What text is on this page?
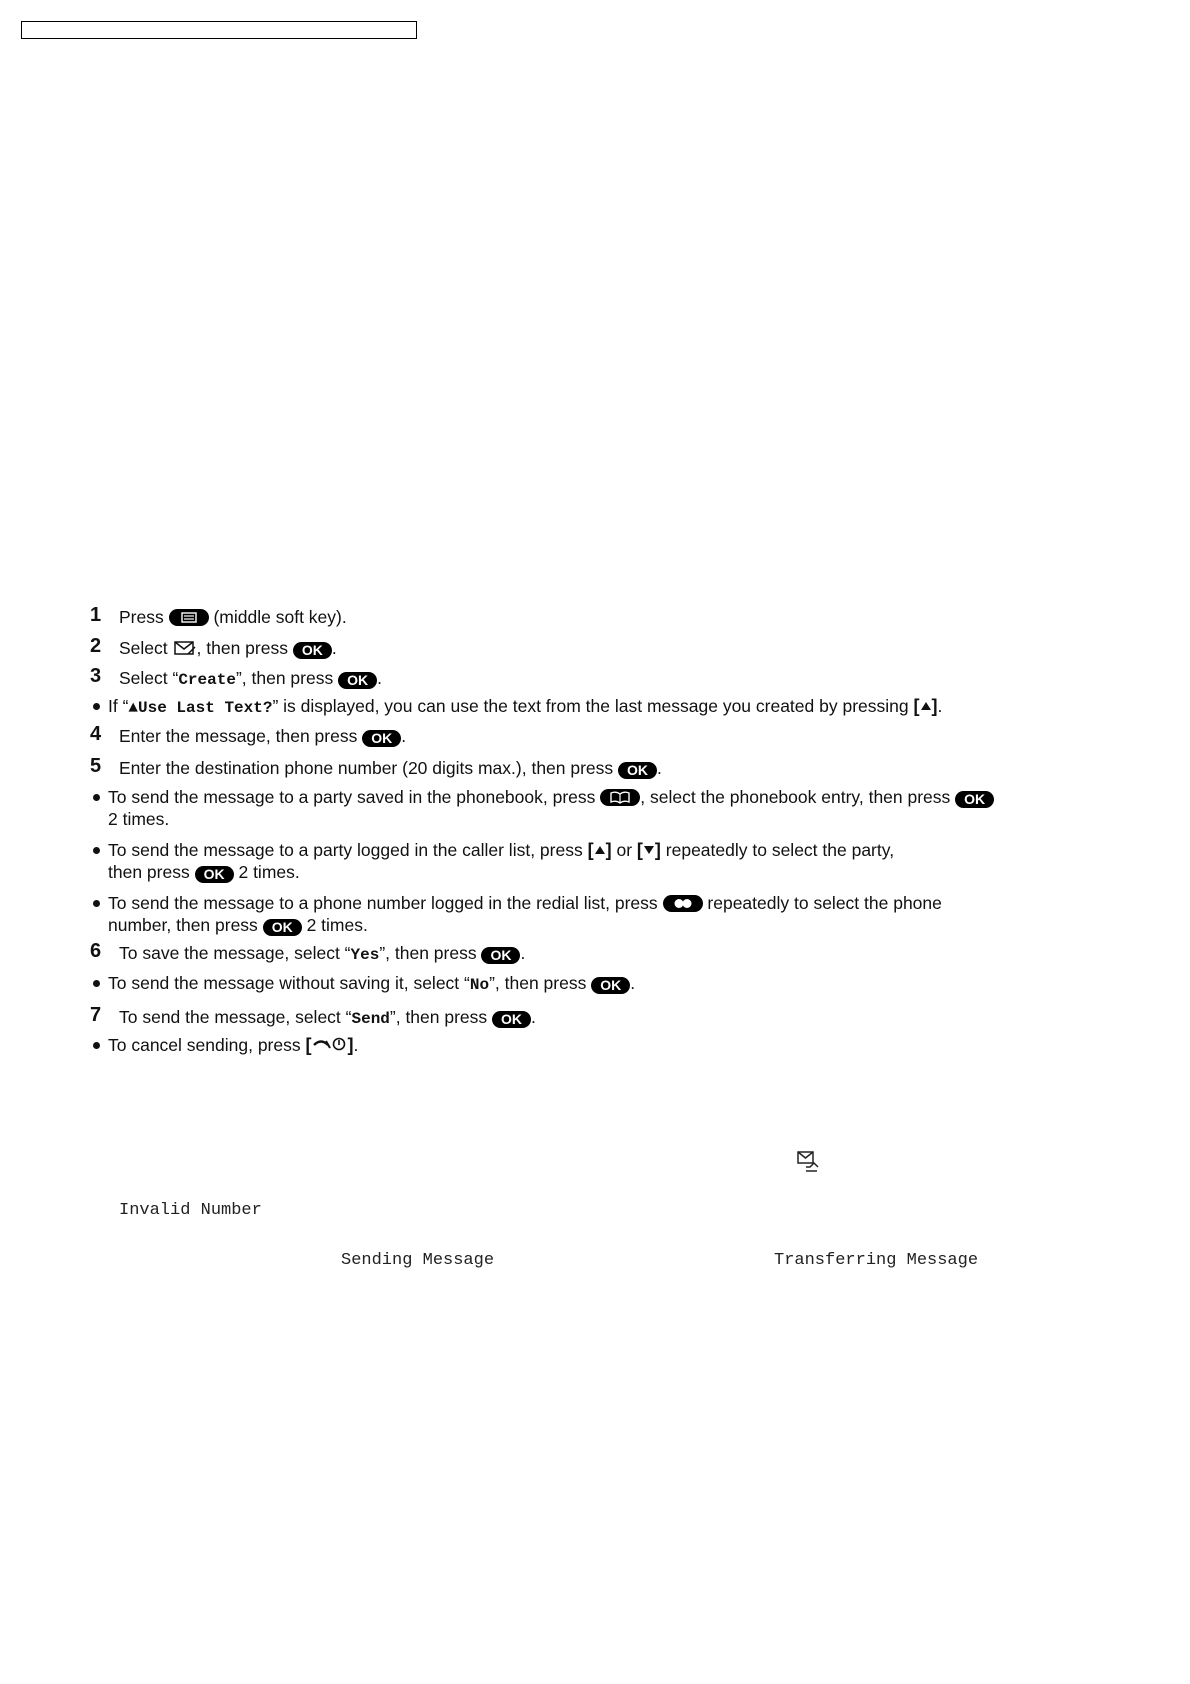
1 Press	(middle soft key).
2 Select , then press OK .
3 Select “Create”, then press OK .
If “▲Use Last Text?” is displayed, you can use the text from the last message you created by pressing [ ].
4 Enter the message, then press OK .
5 Enter the destination phone number (20 digits max.), then press OK .
To send the message to a party saved in the phonebook, press	, select the phonebook entry, then press OK
2 times.
To send the message to a party logged in the caller list, press [ ] or [ ] repeatedly to select the party,
then press OK 2 times.
To send the message to a phone number logged in the redial list, press	repeatedly to select the phone
number, then press OK 2 times.
6 To save the message, select “Yes”, then press OK .
To send the message without saving it, select “No”, then press OK .
7 To send the message, select “Send”, then press OK .
To cancel sending, press [ ].
Invalid Number
Sending Message	Transferring Message
